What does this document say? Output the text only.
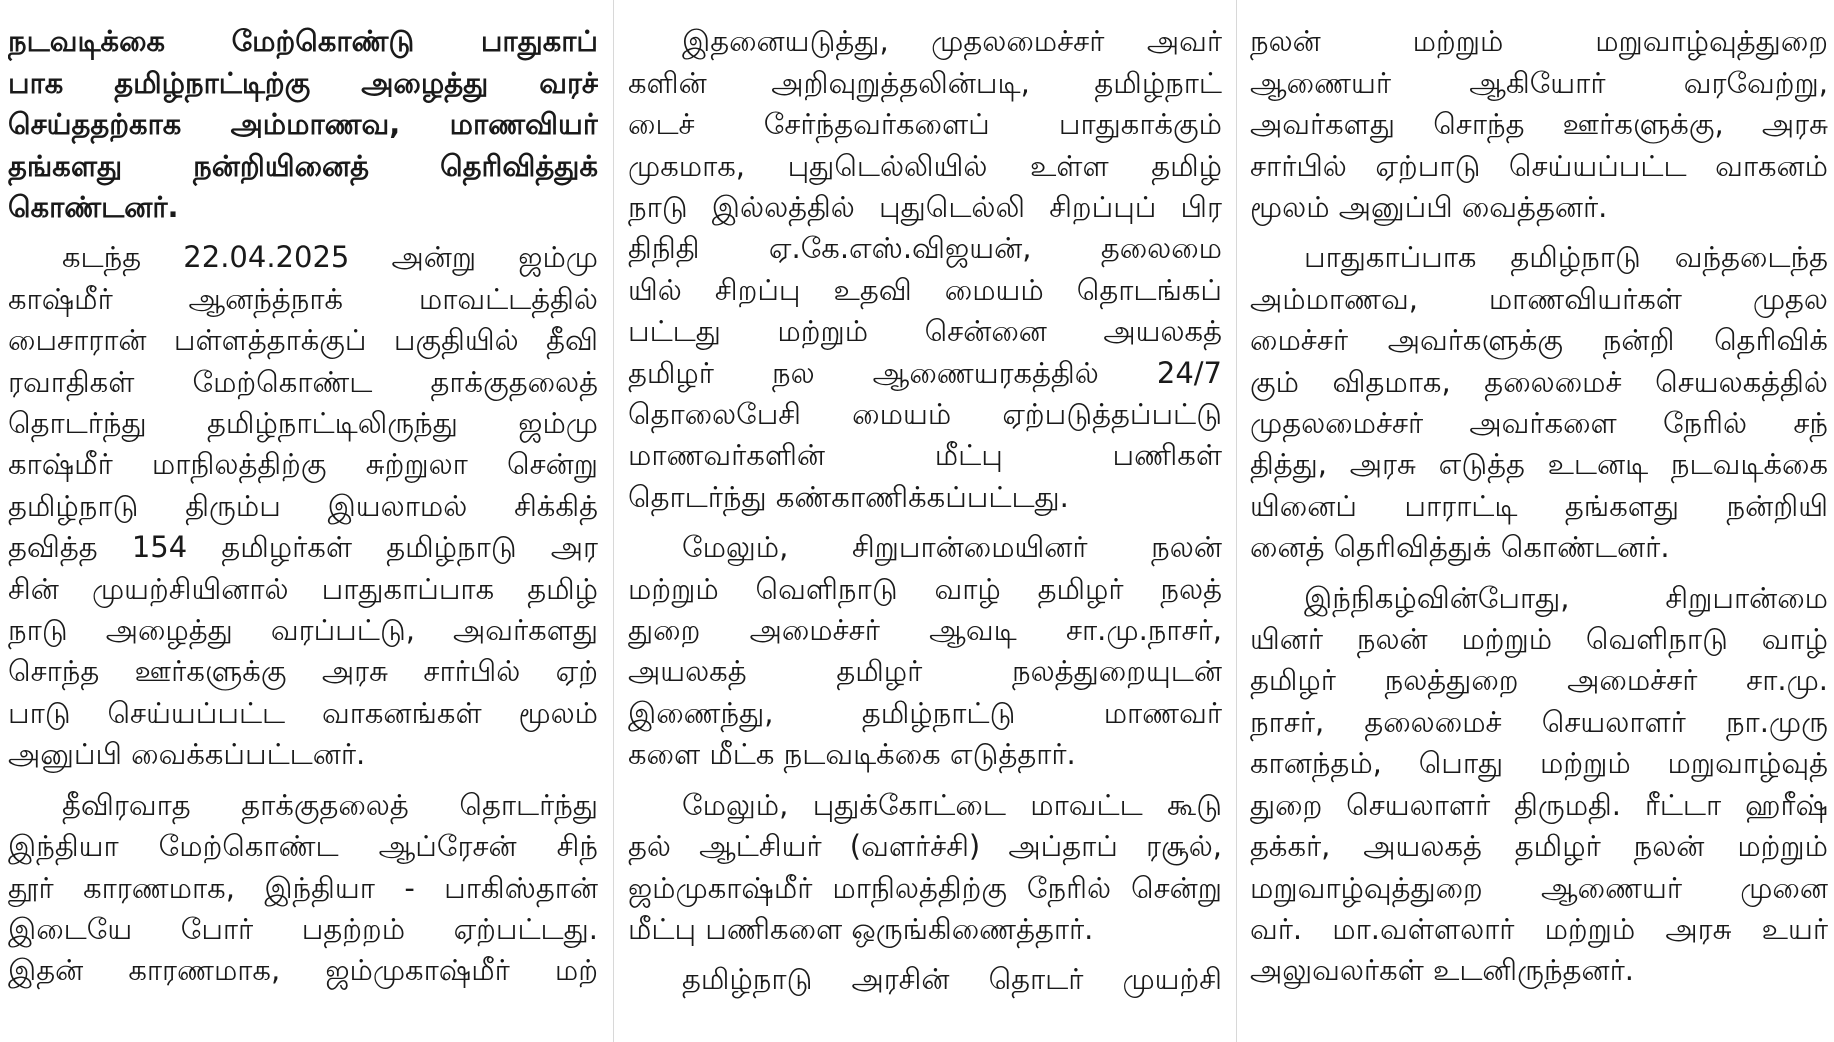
நடவடிக்கை மேற்கொண்டு பாதுகாப்
பாக தமிழ்நாட்டிற்கு அழைத்து வரச்
செய்ததற்காக அம்மாணவ, மாணவியர்
தங்களது நன்றியினைத் தெரிவித்துக்
கொண்டனர்.
கடந்த 22.04.2025 அன்று ஜம்மு
காஷ்மீர் ஆனந்த்நாக் மாவட்டத்தில்
பைசாரான் பள்ளத்தாக்குப் பகுதியில் தீவி
ரவாதிகள் மேற்கொண்ட தாக்குதலைத்
தொடர்ந்து தமிழ்நாட்டிலிருந்து ஜம்மு
காஷ்மீர் மாநிலத்திற்கு சுற்றுலா சென்று
தமிழ்நாடு திரும்ப இயலாமல் சிக்கித்
தவித்த 154 தமிழர்கள் தமிழ்நாடு அர
சின் முயற்சியினால் பாதுகாப்பாக தமிழ்
நாடு அழைத்து வரப்பட்டு, அவர்களது
சொந்த ஊர்களுக்கு அரசு சார்பில் ஏற்
பாடு செய்யப்பட்ட வாகனங்கள் மூலம்
அனுப்பி வைக்கப்பட்டனர்.
தீவிரவாத தாக்குதலைத் தொடர்ந்து
இந்தியா மேற்கொண்ட ஆப்ரேசன் சிந்
தூர் காரணமாக, இந்தியா - பாகிஸ்தான்
இடையே போர் பதற்றம் ஏற்பட்டது.
இதன் காரணமாக, ஜம்முகாஷ்மீர் மற்
இதனையடுத்து, முதலமைச்சர் அவர்
களின் அறிவுறுத்தலின்படி, தமிழ்நாட்
டைச் சேர்ந்தவர்களைப் பாதுகாக்கும்
முகமாக, புதுடெல்லியில் உள்ள தமிழ்
நாடு இல்லத்தில் புதுடெல்லி சிறப்புப் பிர
திநிதி ஏ.கே.எஸ்.விஜயன், தலைமை
யில் சிறப்பு உதவி மையம் தொடங்கப்
பட்டது மற்றும் சென்னை அயலகத்
தமிழர் நல ஆணையரகத்தில் 24/7
தொலைபேசி மையம் ஏற்படுத்தப்பட்டு
மாணவர்களின் மீட்பு பணிகள்
தொடர்ந்து கண்காணிக்கப்பட்டது.
மேலும், சிறுபான்மையினர் நலன்
மற்றும் வெளிநாடு வாழ் தமிழர் நலத்
துறை அமைச்சர் ஆவடி சா.மு.நாசர்,
அயலகத் தமிழர் நலத்துறையுடன்
இணைந்து, தமிழ்நாட்டு மாணவர்
களை மீட்க நடவடிக்கை எடுத்தார்.
மேலும், புதுக்கோட்டை மாவட்ட கூடு
தல் ஆட்சியர் (வளர்ச்சி) அப்தாப் ரசூல்,
ஜம்முகாஷ்மீர் மாநிலத்திற்கு நேரில் சென்று
மீட்பு பணிகளை ஒருங்கிணைத்தார்.
தமிழ்நாடு அரசின் தொடர் முயற்சி
நலன் மற்றும் மறுவாழ்வுத்துறை
ஆணையர் ஆகியோர் வரவேற்று,
அவர்களது சொந்த ஊர்களுக்கு, அரசு
சார்பில் ஏற்பாடு செய்யப்பட்ட வாகனம்
மூலம் அனுப்பி வைத்தனர்.
பாதுகாப்பாக தமிழ்நாடு வந்தடைந்த
அம்மாணவ, மாணவியர்கள் முதல
மைச்சர் அவர்களுக்கு நன்றி தெரிவிக்
கும் விதமாக, தலைமைச் செயலகத்தில்
முதலமைச்சர் அவர்களை நேரில் சந்
தித்து, அரசு எடுத்த உடனடி நடவடிக்கை
யினைப் பாராட்டி தங்களது நன்றியி
னைத் தெரிவித்துக் கொண்டனர்.
இந்நிகழ்வின்போது, சிறுபான்மை
யினர் நலன் மற்றும் வெளிநாடு வாழ்
தமிழர் நலத்துறை அமைச்சர் சா.மு.
நாசர், தலைமைச் செயலாளர் நா.முரு
கானந்தம், பொது மற்றும் மறுவாழ்வுத்
துறை செயலாளர் திருமதி. ரீட்டா ஹரீஷ்
தக்கர், அயலகத் தமிழர் நலன் மற்றும்
மறுவாழ்வுத்துறை ஆணையர் முனை
வர். மா.வள்ளலார் மற்றும் அரசு உயர்
அலுவலர்கள் உடனிருந்தனர்.
